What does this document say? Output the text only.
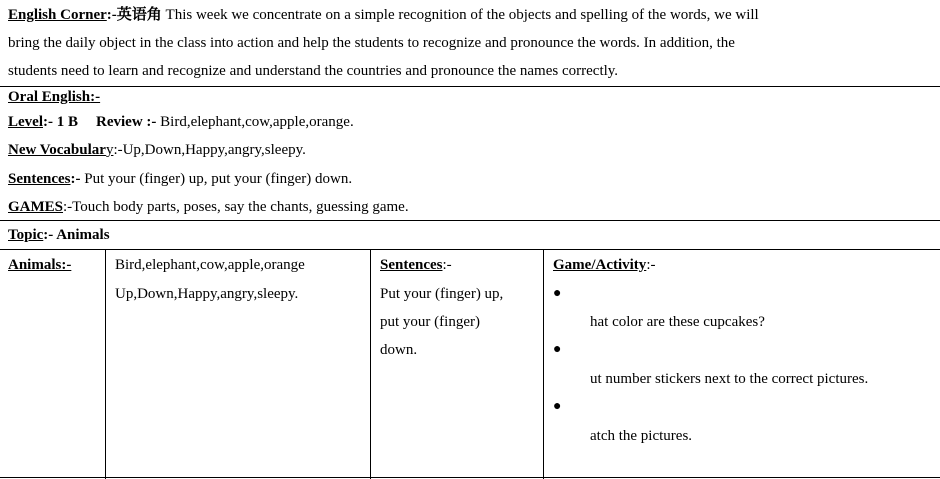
English Corner:-英语角 This week we concentrate on a simple recognition of the objects and spelling of the words, we will
bring the daily object in the class into action and help the students to recognize and pronounce the words. In addition, the
students need to learn and recognize and understand the countries and pronounce the names correctly.
Oral English:-
Level:- 1 B Review :- Bird,elephant,cow,apple,orange.
New Vocabulary:-Up,Down,Happy,angry,sleepy.
Sentences:- Put your (finger) up, put your (finger) down.
GAMES:-Touch body parts, poses, say the chants, guessing game.
Topic:- Animals
Animals:-	Bird,elephant,cow,apple,orange
Up,Down,Happy,angry,sleepy.
Sentences:-
Put your (finger) up,
put your (finger)
down.
Game/Activity:-
●
hat color are these cupcakes?
●
ut number stickers next to the correct pictures.
●
atch the pictures.
